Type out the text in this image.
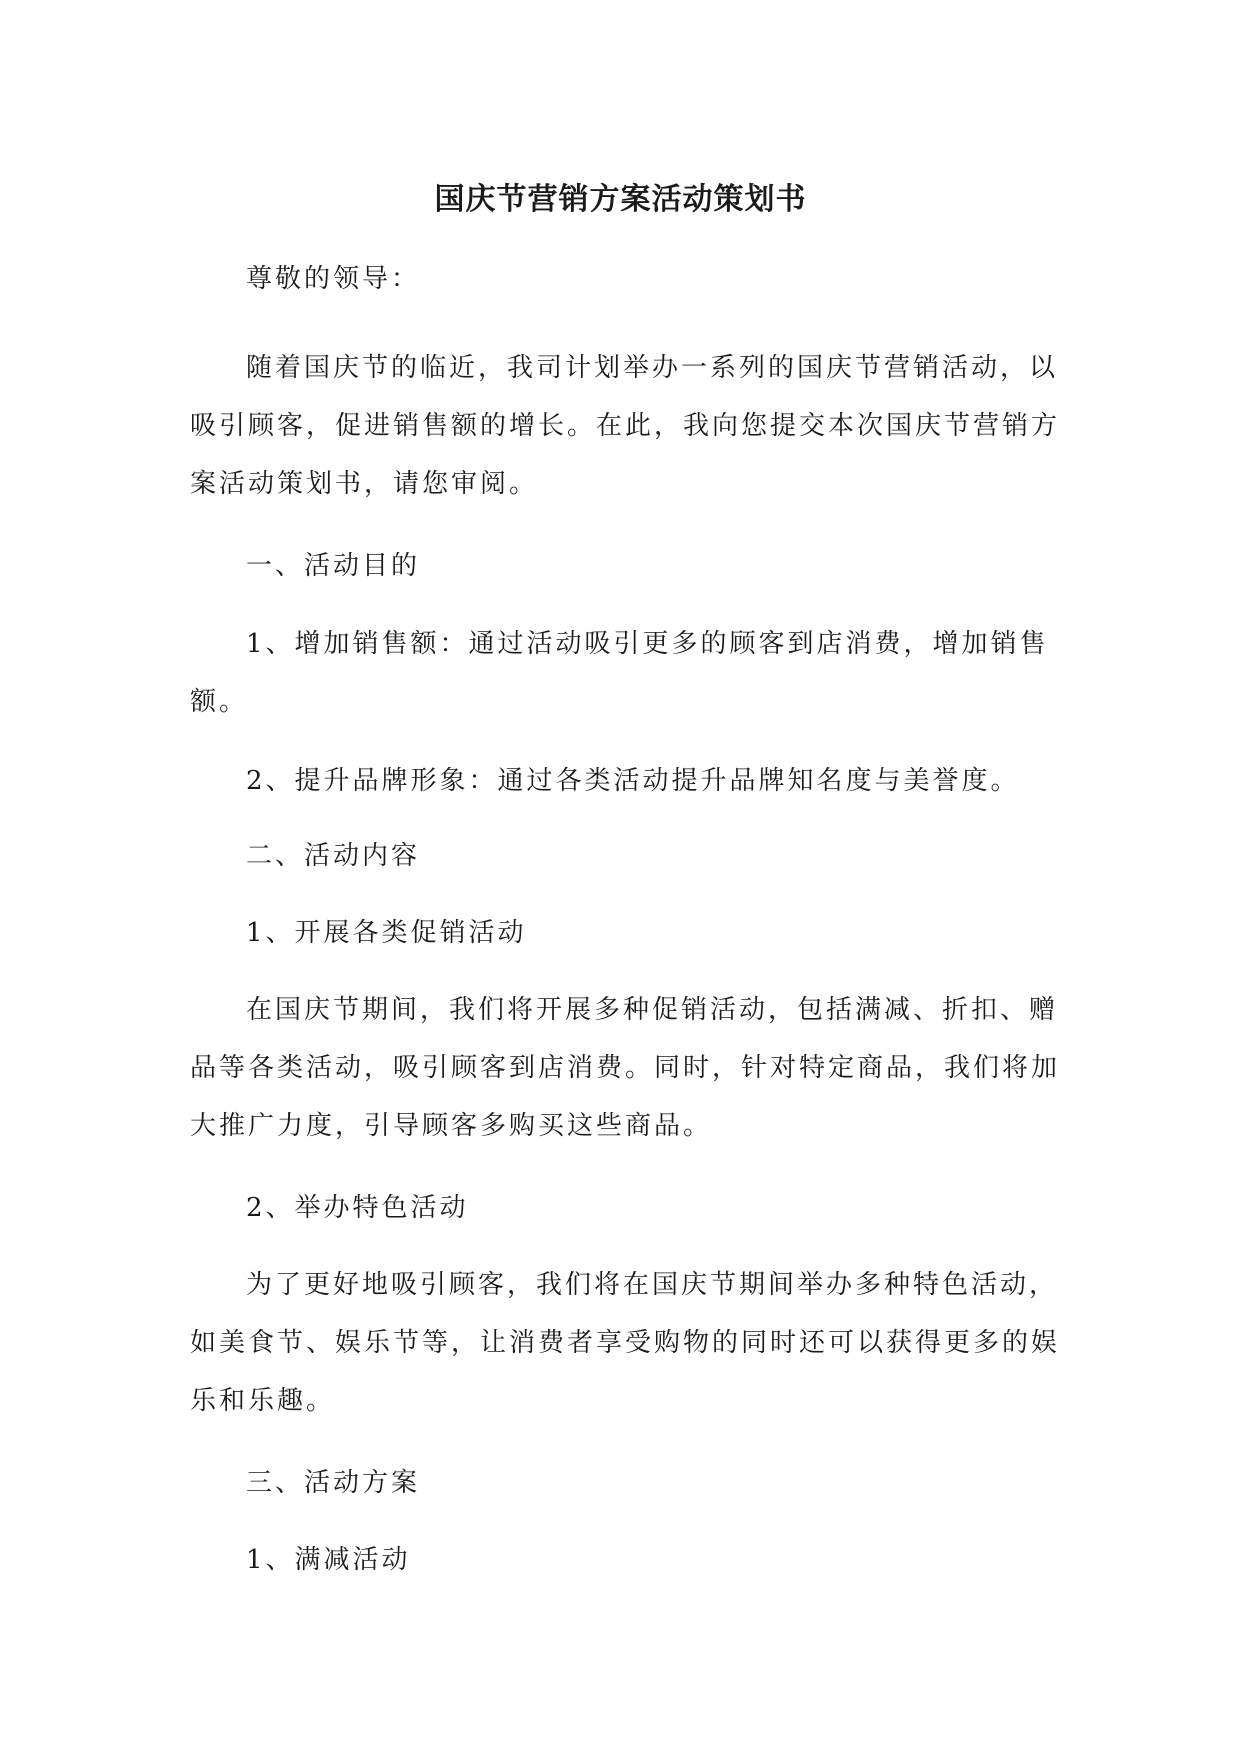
国庆节营销方案活动策划书

尊敬的领导：

随着国庆节的临近，我司计划举办一系列的国庆节营销活动，以吸引顾客，促进销售额的增长。在此，我向您提交本次国庆节营销方案活动策划书，请您审阅。

一、活动目的

1、增加销售额：通过活动吸引更多的顾客到店消费，增加销售额。

2、提升品牌形象：通过各类活动提升品牌知名度与美誉度。

二、活动内容

1、开展各类促销活动

在国庆节期间，我们将开展多种促销活动，包括满减、折扣、赠品等各类活动，吸引顾客到店消费。同时，针对特定商品，我们将加大推广力度，引导顾客多购买这些商品。

2、举办特色活动

为了更好地吸引顾客，我们将在国庆节期间举办多种特色活动，如美食节、娱乐节等，让消费者享受购物的同时还可以获得更多的娱乐和乐趣。

三、活动方案

1、满减活动
